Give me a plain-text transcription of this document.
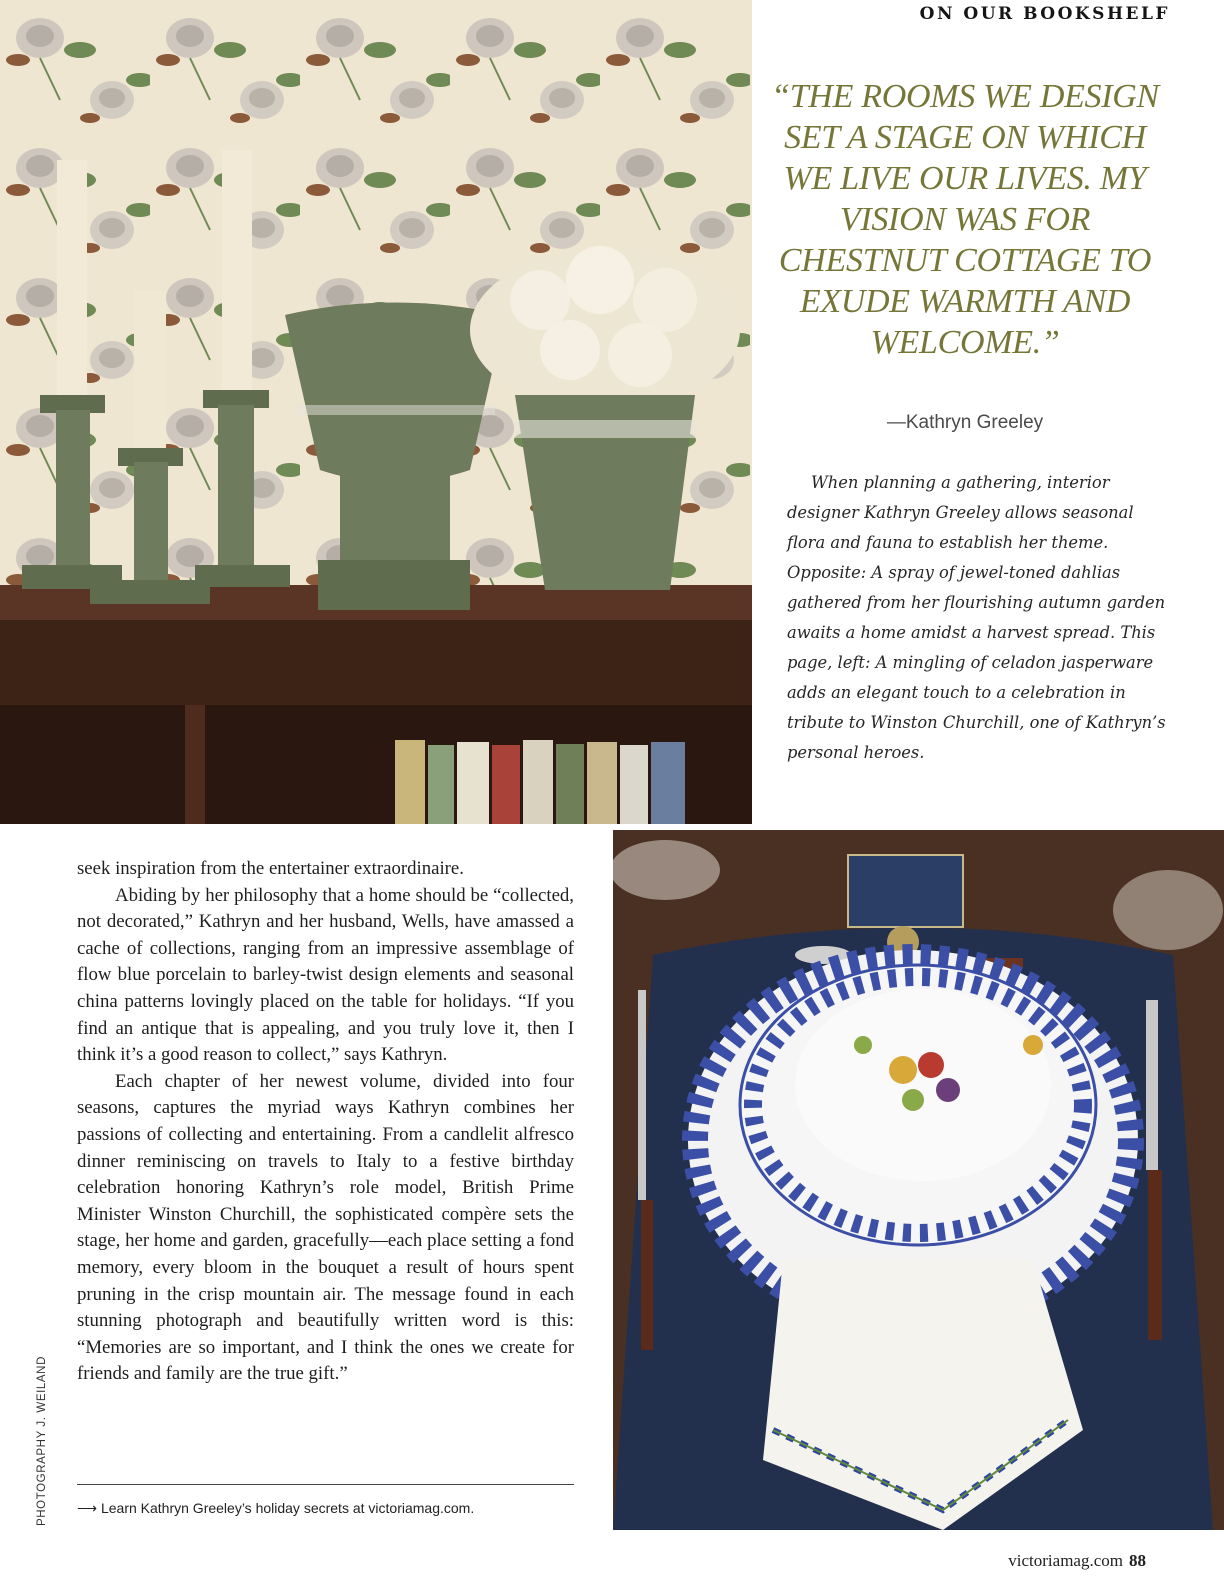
ON OUR BOOKSHELF
“THE ROOMS WE DESIGN SET A STAGE ON WHICH WE LIVE OUR LIVES. MY VISION WAS FOR CHESTNUT COTTAGE TO EXUDE WARMTH AND WELCOME.”
—Kathryn Greeley

When planning a gathering, interior designer Kathryn Greeley allows seasonal flora and fauna to establish her theme. Opposite: A spray of jewel-toned dahlias gathered from her flourishing autumn garden awaits a home amidst a harvest spread. This page, left: A mingling of celadon jasperware adds an elegant touch to a celebration in tribute to Winston Churchill, one of Kathryn’s personal heroes.

seek inspiration from the entertainer extraordinaire.

Abiding by her philosophy that a home should be “collected, not decorated,” Kathryn and her husband, Wells, have amassed a cache of collections, ranging from an impressive assemblage of flow blue porcelain to barley-twist design elements and seasonal china patterns lovingly placed on the table for holidays. “If you find an antique that is appealing, and you truly love it, then I think it’s a good reason to collect,” says Kathryn.

Each chapter of her newest volume, divided into four seasons, captures the myriad ways Kathryn combines her passions of collecting and entertaining. From a candlelit alfresco dinner reminiscing on travels to Italy to a festive birthday celebration honoring Kathryn’s role model, British Prime Minister Winston Churchill, the sophisticated compère sets the stage, her home and garden, gracefully—each place setting a fond memory, every bloom in the bouquet a result of hours spent pruning in the crisp mountain air. The message found in each stunning photograph and beautifully written word is this: “Memories are so important, and I think the ones we create for friends and family are the true gift.”

⟶ Learn Kathryn Greeley’s holiday secrets at victoriamag.com.
PHOTOGRAPHY J. WEILAND
victoriamag.com 88
